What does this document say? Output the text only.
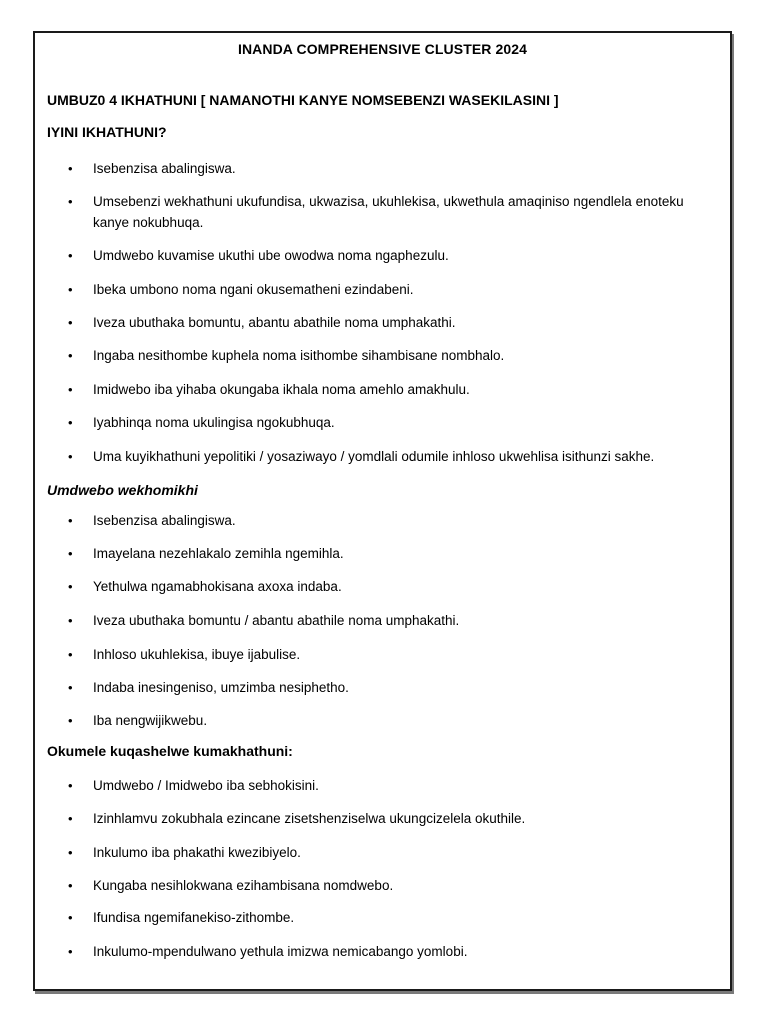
INANDA COMPREHENSIVE CLUSTER 2024
UMBUZ0 4 IKHATHUNI [ NAMANOTHI KANYE NOMSEBENZI WASEKILASINI ]
IYINI IKHATHUNI?
• Isebenzisa abalingiswa.
• Umsebenzi wekhathuni ukufundisa, ukwazisa, ukuhlekisa, ukwethula amaqiniso ngendlela enoteku kanye nokubhuqa.
• Umdwebo kuvamise ukuthi ube owodwa noma ngaphezulu.
• Ibeka umbono noma ngani okusematheni ezindabeni.
• Iveza ubuthaka bomuntu, abantu abathile noma umphakathi.
• Ingaba nesithombe kuphela noma isithombe sihambisane nombhalo.
• Imidwebo iba yihaba okungaba ikhala noma amehlo amakhulu.
• Iyabhinqa noma ukulingisa ngokubhuqa.
• Uma kuyikhathuni yepolitiki / yosaziwayo / yomdlali odumile inhloso ukwehlisa isithunzi sakhe.
Umdwebo wekhomikhi
• Isebenzisa abalingiswa.
• Imayelana nezehlakalo zemihla ngemihla.
• Yethulwa ngamabhokisana axoxa indaba.
• Iveza ubuthaka bomuntu / abantu abathile noma umphakathi.
• Inhloso ukuhlekisa, ibuye ijabulise.
• Indaba inesingeniso, umzimba nesiphetho.
• Iba nengwijikwebu.
Okumele kuqashelwe kumakhathuni:
• Umdwebo / Imidwebo iba sebhokisini.
• Izinhlamvu zokubhala ezincane zisetshenziselwa ukungcizelela okuthile.
• Inkulumo iba phakathi kwezibiyelo.
• Kungaba nesihlokwana ezihambisana nomdwebo.
• Ifundisa ngemifanekiso-zithombe.
• Inkulumo-mpendulwano yethula imizwa nemicabango yomlobi.
